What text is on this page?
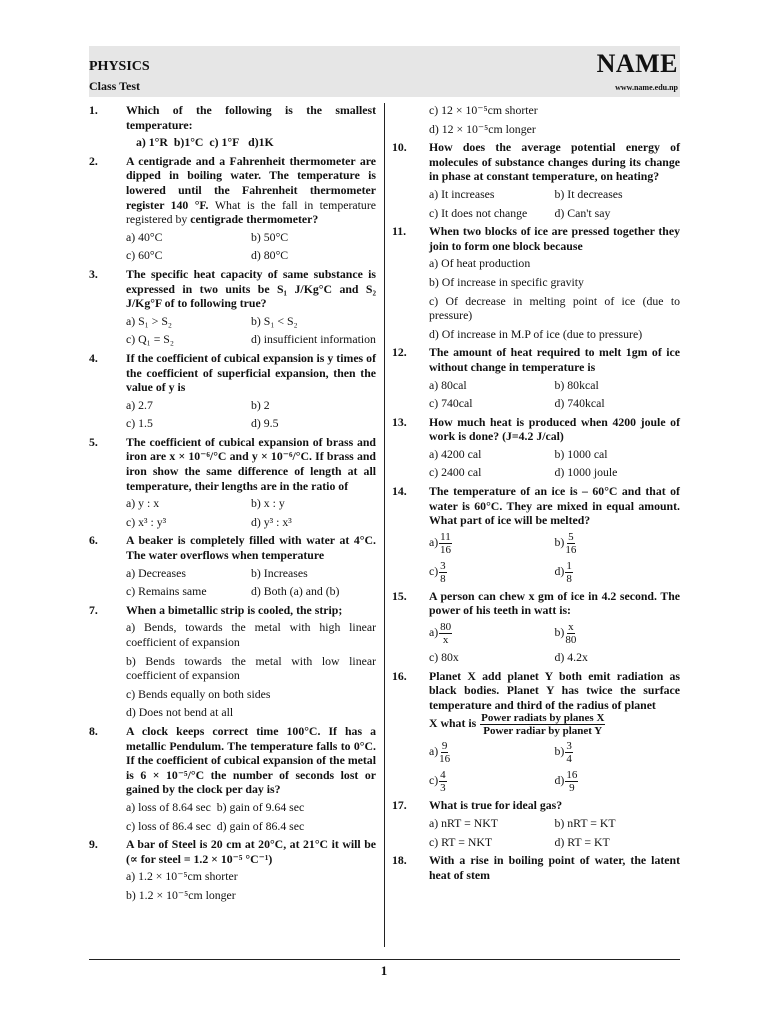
PHYSICS
Class Test
NAME
www.name.edu.np
1.	Which of the following is the smallest temperature:
a) 1°R b)1°C c) 1°F d)1K
2.	A centigrade and a Fahrenheit thermometer are dipped in boiling water. The temperature is lowered until the Fahrenheit thermometer register 140 °F. What is the fall in temperature registered by centigrade thermometer?
a) 40°C	b) 50°C
c) 60°C	d) 80°C
3.	The specific heat capacity of same substance is expressed in two units be S₁ J/Kg°C and S₂ J/Kg°F of to following true?
a) S₁ > S₂	b) S₁ < S₂
c) Q₁ = S₂	d) insufficient information
4.	If the coefficient of cubical expansion is y times of the coefficient of superficial expansion, then the value of y is
a) 2.7	b) 2
c) 1.5	d) 9.5
5.	The coefficient of cubical expansion of brass and iron are x × 10⁻⁶/°C and y × 10⁻⁶/°C. If brass and iron show the same difference of length at all temperature, their lengths are in the ratio of
a) y : x	b) x : y
c) x³ : y³	d) y³ : x³
6.	A beaker is completely filled with water at 4°C. The water overflows when temperature
a) Decreases	b) Increases
c) Remains same	d) Both (a) and (b)
7.	When a bimetallic strip is cooled, the strip;
a) Bends, towards the metal with high linear coefficient of expansion
b) Bends towards the metal with low linear coefficient of expansion
c) Bends equally on both sides
d) Does not bend at all
8.	A clock keeps correct time 100°C. If has a metallic Pendulum. The temperature falls to 0°C. If the coefficient of cubical expansion of the metal is 6 × 10⁻⁵/°C the number of seconds lost or gained by the clock per day is?
a) loss of 8.64 sec b) gain of 9.64 sec
c) loss of 86.4 sec d) gain of 86.4 sec
9.	A bar of Steel is 20 cm at 20°C, at 21°C it will be (∝ for steel = 1.2 × 10⁻⁵ °C⁻¹)
a) 1.2 × 10⁻⁵cm shorter
b) 1.2 × 10⁻⁵cm longer
c) 12 × 10⁻⁵cm shorter
d) 12 × 10⁻⁵cm longer
10.	How does the average potential energy of molecules of substance changes during its change in phase at constant temperature, on heating?
a) It increases	b) It decreases
c) It does not change	d) Can't say
11.	When two blocks of ice are pressed together they join to form one block because
a) Of heat production
b) Of increase in specific gravity
c) Of decrease in melting point of ice (due to pressure)
d) Of increase in M.P of ice (due to pressure)
12.	The amount of heat required to melt 1gm of ice without change in temperature is
a) 80cal	b) 80kcal
c) 740cal	d) 740kcal
13.	How much heat is produced when 4200 joule of work is done? (J=4.2 J/cal)
a) 4200 cal	b) 1000 cal
c) 2400 cal	d) 1000 joule
14.	The temperature of an ice is – 60°C and that of water is 60°C. They are mixed in equal amount. What part of ice will be melted?
$a) \frac{11}{16}$	$b) \frac{5}{16}$
$c) \frac{3}{8}$	$d) \frac{1}{8}$
15.	A person can chew x gm of ice in 4.2 second. The power of his teeth in watt is:
$a) \frac{80}{x}$	$b) \frac{x}{80}$
c) 80x	d) 4.2x
16.	Planet X add planet Y both emit radiation as black bodies. Planet Y has twice the surface temperature and third of the radius of planet
X what is $\frac{\text{Power radiats by planes X}}{\text{Power radiar by planet Y}}$
$a) \frac{9}{16}$	$b) \frac{3}{4}$
$c) \frac{4}{3}$	$d) \frac{16}{9}$
17.	What is true for ideal gas?
a) nRT = NKT	b) nRT = KT
c) RT = NKT	d) RT = KT
18.	With a rise in boiling point of water, the latent heat of stem
1
